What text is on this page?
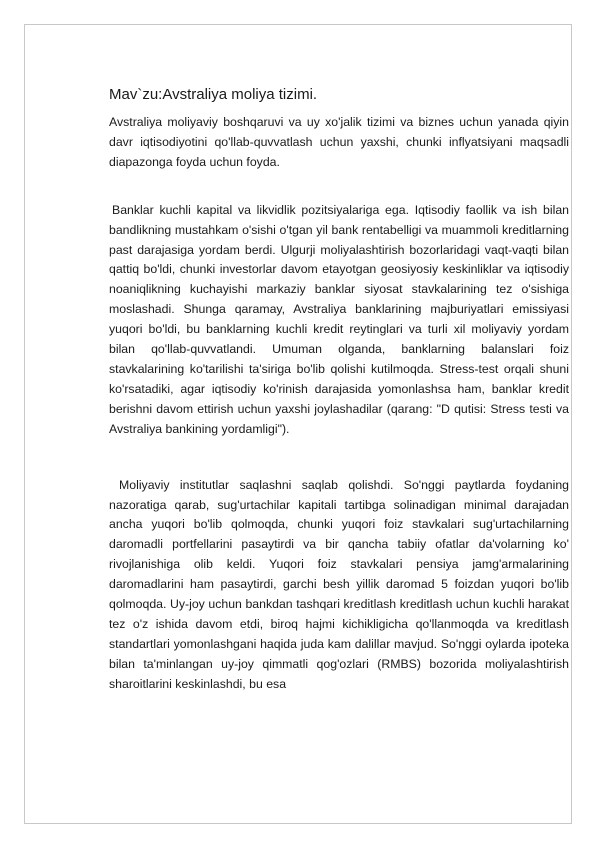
Mav`zu:Avstraliya moliya tizimi.

Avstraliya moliyaviy boshqaruvi va uy xo'jalik tizimi va biznes uchun yanada qiyin davr iqtisodiyotini qo'llab-quvvatlash uchun yaxshi, chunki inflyatsiyani maqsadli diapazonga foyda uchun foyda.

Banklar kuchli kapital va likvidlik pozitsiyalariga ega. Iqtisodiy faollik va ish bilan bandlikning mustahkam o'sishi o'tgan yil bank rentabelligi va muammoli kreditlarning past darajasiga yordam berdi. Ulgurji moliyalashtirish bozorlaridagi vaqt-vaqti bilan qattiq bo'ldi, chunki investorlar davom etayotgan geosiyosiy keskinliklar va iqtisodiy noaniqlikning kuchayishi markaziy banklar siyosat stavkalarining tez o'sishiga moslashadi. Shunga qaramay, Avstraliya banklarining majburiyatlari emissiyasi yuqori bo'ldi, bu banklarning kuchli kredit reytinglari va turli xil moliyaviy yordam bilan qo'llab-quvvatlandi. Umuman olganda, banklarning balanslari foiz stavkalarining ko'tarilishi ta'siriga bo'lib qolishi kutilmoqda. Stress-test orqali shuni ko'rsatadiki, agar iqtisodiy ko'rinish darajasida yomonlashsa ham, banklar kredit berishni davom ettirish uchun yaxshi joylashadilar (qarang: "D qutisi: Stress testi va Avstraliya bankining yordamligi").

Moliyaviy institutlar saqlashni saqlab qolishdi. So'nggi paytlarda foydaning nazoratiga qarab, sug'urtachilar kapitali tartibga solinadigan minimal darajadan ancha yuqori bo'lib qolmoqda, chunki yuqori foiz stavkalari sug'urtachilarning daromadli portfellarini pasaytirdi va bir qancha tabiiy ofatlar da'volarning ko' rivojlanishiga olib keldi. Yuqori foiz stavkalari pensiya jamg'armalarining daromadlarini ham pasaytirdi, garchi besh yillik daromad 5 foizdan yuqori bo'lib qolmoqda. Uy-joy uchun bankdan tashqari kreditlash kreditlash uchun kuchli harakat tez o'z ishida davom etdi, biroq hajmi kichikligicha qo'llanmoqda va kreditlash standartlari yomonlashgani haqida juda kam dalillar mavjud. So'nggi oylarda ipoteka bilan ta'minlangan uy-joy qimmatli qog'ozlari (RMBS) bozorida moliyalashtirish sharoitlarini keskinlashdi, bu esa
